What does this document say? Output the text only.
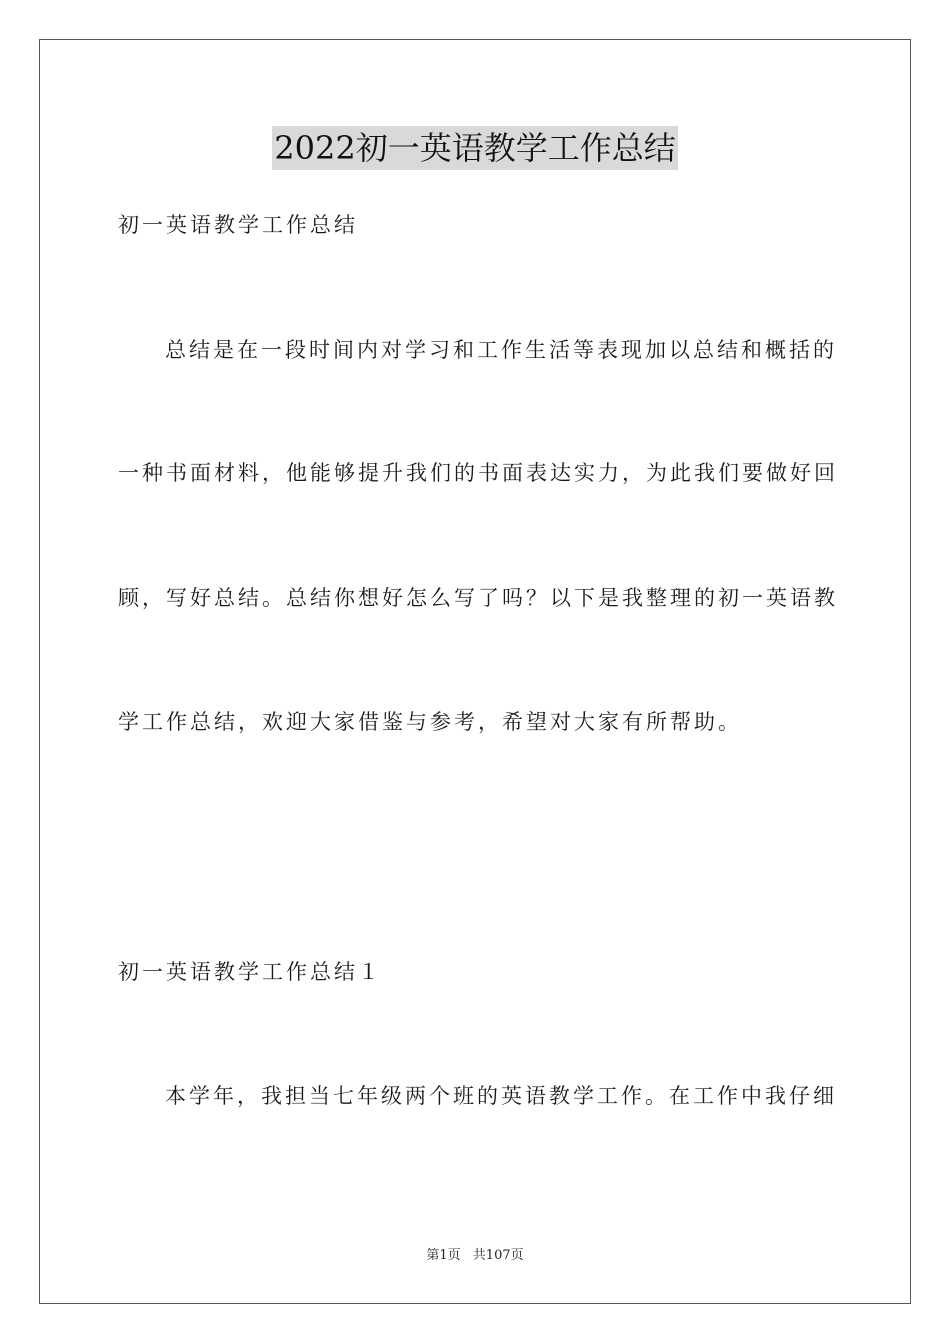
2022初一英语教学工作总结
初一英语教学工作总结
总结是在一段时间内对学习和工作生活等表现加以总结和概括的
一种书面材料，他能够提升我们的书面表达实力，为此我们要做好回
顾，写好总结。总结你想好怎么写了吗？以下是我整理的初一英语教
学工作总结，欢迎大家借鉴与参考，希望对大家有所帮助。
初一英语教学工作总结１
本学年，我担当七年级两个班的英语教学工作。在工作中我仔细
第1页 共107页
